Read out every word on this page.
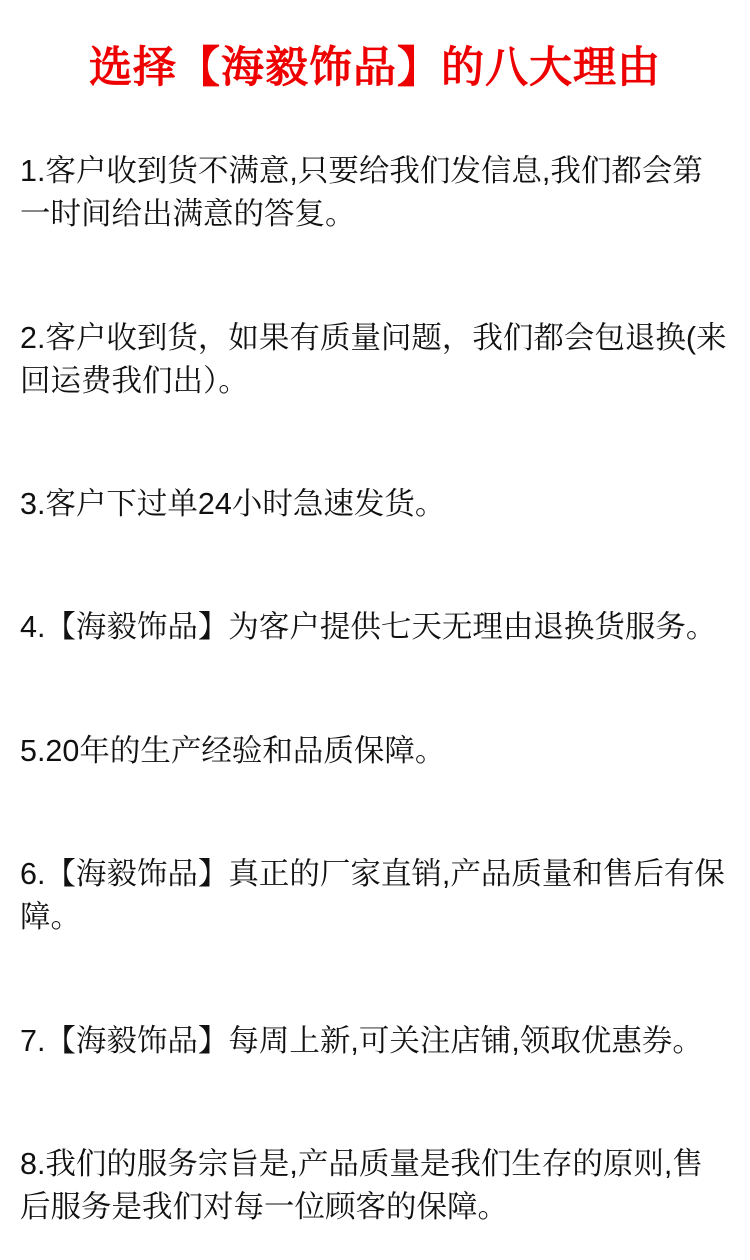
选择【海毅饰品】的八大理由

1.客户收到货不满意,只要给我们发信息,我们都会第一时间给出满意的答复。

2.客户收到货，如果有质量问题，我们都会包退换(来回运费我们出）。

3.客户下过单24小时急速发货。

4.【海毅饰品】为客户提供七天无理由退换货服务。

5.20年的生产经验和品质保障。

6.【海毅饰品】真正的厂家直销,产品质量和售后有保障。

7.【海毅饰品】每周上新,可关注店铺,领取优惠券。

8.我们的服务宗旨是,产品质量是我们生存的原则,售后服务是我们对每一位顾客的保障。
